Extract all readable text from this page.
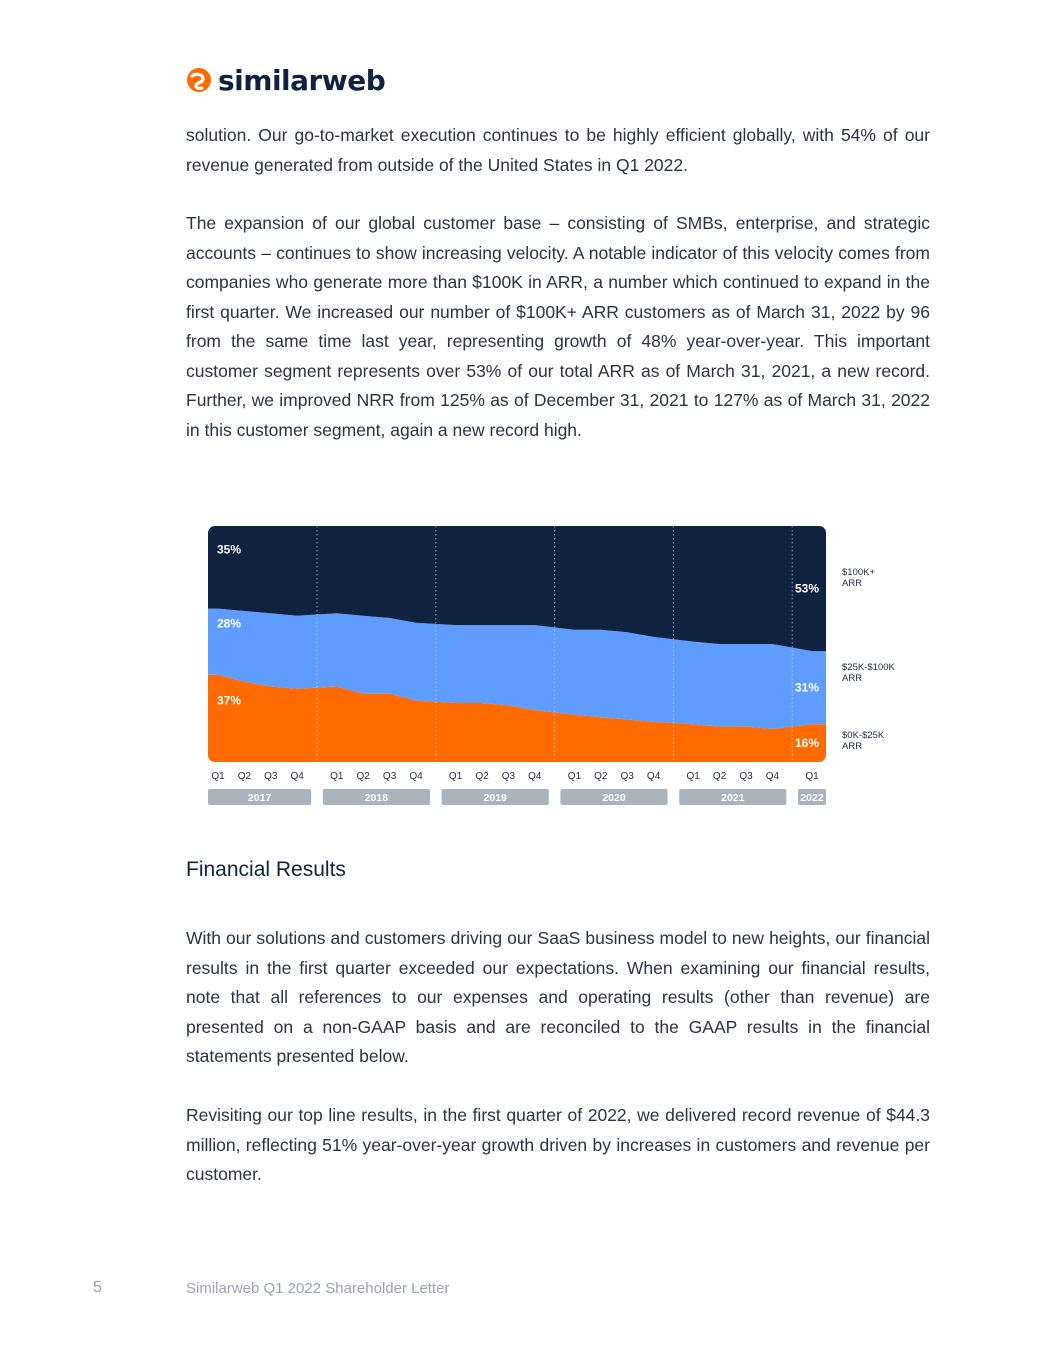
similarweb

solution. Our go-to-market execution continues to be highly efficient globally, with 54% of our revenue generated from outside of the United States in Q1 2022.

The expansion of our global customer base – consisting of SMBs, enterprise, and strategic accounts – continues to show increasing velocity. A notable indicator of this velocity comes from companies who generate more than $100K in ARR, a number which continued to expand in the first quarter. We increased our number of $100K+ ARR customers as of March 31, 2022 by 96 from the same time last year, representing growth of 48% year-over-year. This important customer segment represents over 53% of our total ARR as of March 31, 2021, a new record. Further, we improved NRR from 125% as of December 31, 2021 to 127% as of March 31, 2022 in this customer segment, again a new record high.

37%
16%
28%
31%
35%
53%
$100K+
ARR
$25K-$100K
ARR
$0K-$25K
ARR
Q1 Q2 Q3 Q4	Q1 Q2 Q3 Q4	Q1 Q2 Q3 Q4	Q1 Q2 Q3 Q4	Q1 Q2 Q3 Q4	Q1
2017	2018	2019	2020	2021	2022
Financial Results

With our solutions and customers driving our SaaS business model to new heights, our financial results in the first quarter exceeded our expectations. When examining our financial results, note that all references to our expenses and operating results (other than revenue) are presented on a non-GAAP basis and are reconciled to the GAAP results in the financial statements presented below.

Revisiting our top line results, in the first quarter of 2022, we delivered record revenue of $44.3 million, reflecting 51% year-over-year growth driven by increases in customers and revenue per customer.

5	Similarweb Q1 2022 Shareholder Letter
